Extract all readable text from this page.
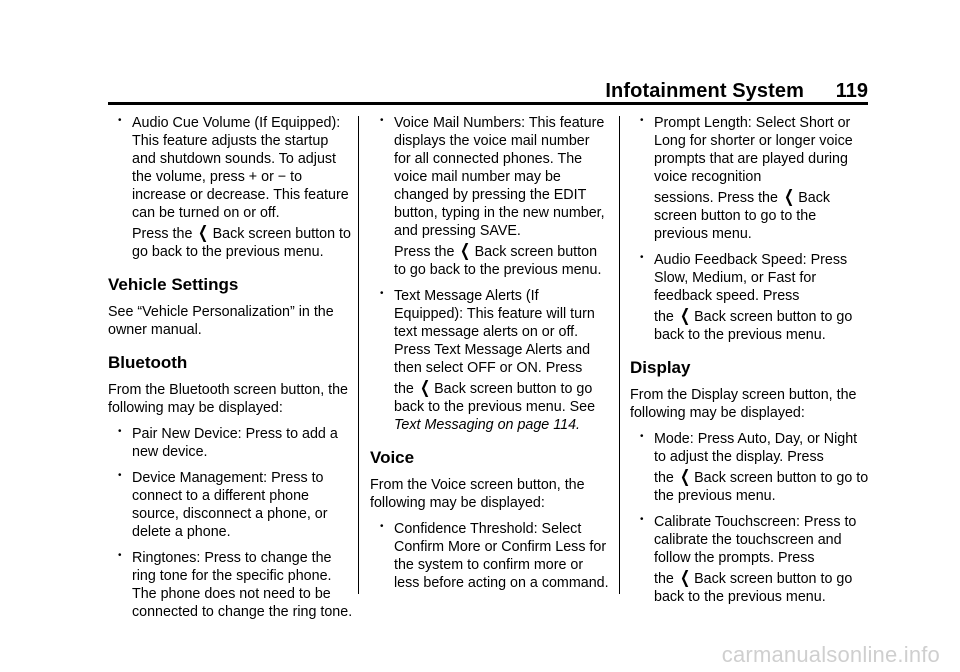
Infotainment System 119
• Audio Cue Volume (If Equipped): This feature adjusts the startup and shutdown sounds. To adjust the volume, press + or − to increase or decrease. This feature can be turned on or off.
Press the ❮ Back screen button to go back to the previous menu.
Vehicle Settings

See “Vehicle Personalization” in the owner manual.

Bluetooth

From the Bluetooth screen button, the following may be displayed:

• Pair New Device: Press to add a new device.
• Device Management: Press to connect to a different phone source, disconnect a phone, or delete a phone.
• Ringtones: Press to change the ring tone for the specific phone. The phone does not need to be connected to change the ring tone.
• Voice Mail Numbers: This feature displays the voice mail number for all connected phones. The voice mail number may be changed by pressing the EDIT button, typing in the new number, and pressing SAVE.
Press the ❮ Back screen button to go back to the previous menu.
• Text Message Alerts (If Equipped): This feature will turn text message alerts on or off. Press Text Message Alerts and then select OFF or ON. Press
the ❮ Back screen button to go back to the previous menu. See Text Messaging on page 114.
Voice

From the Voice screen button, the following may be displayed:

• Confidence Threshold: Select Confirm More or Confirm Less for the system to confirm more or less before acting on a command.
• Prompt Length: Select Short or Long for shorter or longer voice prompts that are played during voice recognition
sessions. Press the ❮ Back screen button to go to the previous menu.
• Audio Feedback Speed: Press Slow, Medium, or Fast for feedback speed. Press
the ❮ Back screen button to go back to the previous menu.
Display

From the Display screen button, the following may be displayed:

• Mode: Press Auto, Day, or Night to adjust the display. Press
the ❮ Back screen button to go to the previous menu.
• Calibrate Touchscreen: Press to calibrate the touchscreen and follow the prompts. Press
the ❮ Back screen button to go back to the previous menu.
carmanualsonline.info
